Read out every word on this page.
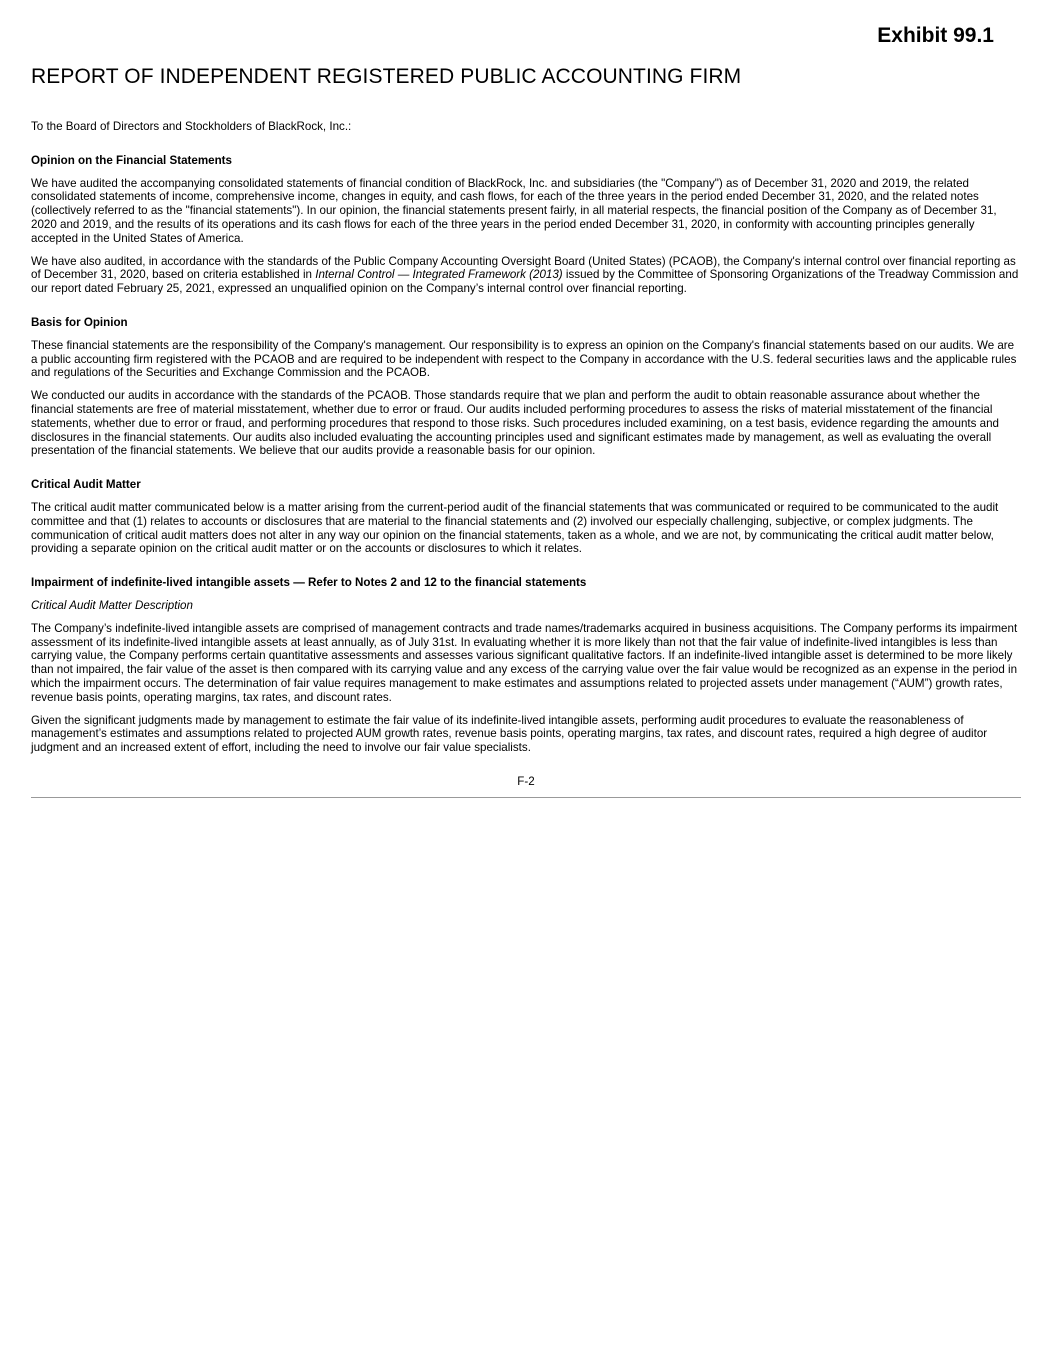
Exhibit 99.1
REPORT OF INDEPENDENT REGISTERED PUBLIC ACCOUNTING FIRM

To the Board of Directors and Stockholders of BlackRock, Inc.:

Opinion on the Financial Statements

We have audited the accompanying consolidated statements of financial condition of BlackRock, Inc. and subsidiaries (the "Company") as of December 31, 2020 and 2019, the related consolidated statements of income, comprehensive income, changes in equity, and cash flows, for each of the three years in the period ended December 31, 2020, and the related notes (collectively referred to as the "financial statements"). In our opinion, the financial statements present fairly, in all material respects, the financial position of the Company as of December 31, 2020 and 2019, and the results of its operations and its cash flows for each of the three years in the period ended December 31, 2020, in conformity with accounting principles generally accepted in the United States of America.

We have also audited, in accordance with the standards of the Public Company Accounting Oversight Board (United States) (PCAOB), the Company's internal control over financial reporting as of December 31, 2020, based on criteria established in Internal Control — Integrated Framework (2013) issued by the Committee of Sponsoring Organizations of the Treadway Commission and our report dated February 25, 2021, expressed an unqualified opinion on the Company’s internal control over financial reporting.

Basis for Opinion

These financial statements are the responsibility of the Company's management. Our responsibility is to express an opinion on the Company's financial statements based on our audits. We are a public accounting firm registered with the PCAOB and are required to be independent with respect to the Company in accordance with the U.S. federal securities laws and the applicable rules and regulations of the Securities and Exchange Commission and the PCAOB.

We conducted our audits in accordance with the standards of the PCAOB. Those standards require that we plan and perform the audit to obtain reasonable assurance about whether the financial statements are free of material misstatement, whether due to error or fraud. Our audits included performing procedures to assess the risks of material misstatement of the financial statements, whether due to error or fraud, and performing procedures that respond to those risks. Such procedures included examining, on a test basis, evidence regarding the amounts and disclosures in the financial statements. Our audits also included evaluating the accounting principles used and significant estimates made by management, as well as evaluating the overall presentation of the financial statements. We believe that our audits provide a reasonable basis for our opinion.

Critical Audit Matter

The critical audit matter communicated below is a matter arising from the current-period audit of the financial statements that was communicated or required to be communicated to the audit committee and that (1) relates to accounts or disclosures that are material to the financial statements and (2) involved our especially challenging, subjective, or complex judgments. The communication of critical audit matters does not alter in any way our opinion on the financial statements, taken as a whole, and we are not, by communicating the critical audit matter below, providing a separate opinion on the critical audit matter or on the accounts or disclosures to which it relates.

Impairment of indefinite-lived intangible assets — Refer to Notes 2 and 12 to the financial statements

Critical Audit Matter Description

The Company’s indefinite-lived intangible assets are comprised of management contracts and trade names/trademarks acquired in business acquisitions. The Company performs its impairment assessment of its indefinite-lived intangible assets at least annually, as of July 31st. In evaluating whether it is more likely than not that the fair value of indefinite-lived intangibles is less than carrying value, the Company performs certain quantitative assessments and assesses various significant qualitative factors. If an indefinite-lived intangible asset is determined to be more likely than not impaired, the fair value of the asset is then compared with its carrying value and any excess of the carrying value over the fair value would be recognized as an expense in the period in which the impairment occurs. The determination of fair value requires management to make estimates and assumptions related to projected assets under management (“AUM”) growth rates, revenue basis points, operating margins, tax rates, and discount rates.

Given the significant judgments made by management to estimate the fair value of its indefinite-lived intangible assets, performing audit procedures to evaluate the reasonableness of management’s estimates and assumptions related to projected AUM growth rates, revenue basis points, operating margins, tax rates, and discount rates, required a high degree of auditor judgment and an increased extent of effort, including the need to involve our fair value specialists.

F-2
